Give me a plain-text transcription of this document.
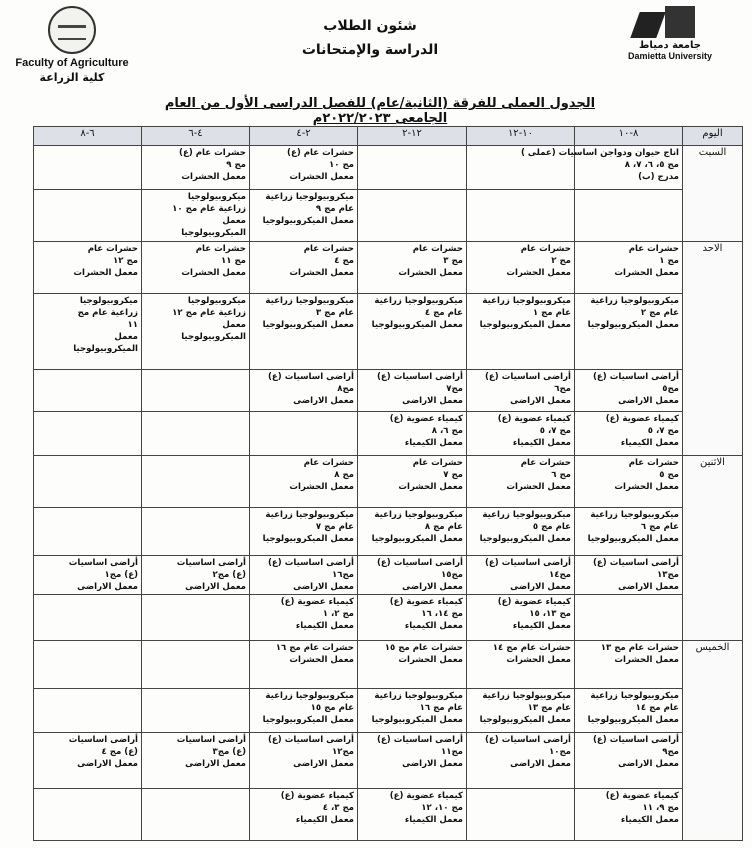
Faculty of Agriculture
كلية الزراعة
شئون الطلاب
الدراسة والإمتحانات	جامعة دمياط
Damietta University
الجدول العملى للفرقة (الثانية/عام) للفصل الدراسى الأول من العام الجامعى ٢٠٢٢/٢٠٢٣م
اليوم	٨-١٠	١٠-١٢	١٢-٢	٢-٤	٤-٦	٦-٨
السبت	اناج حيوان ودواجن اساسيات (عملى )
مج ٥، ٦، ٧، ٨
مدرج (ب)			حشرات عام (ع)
مج ١٠
معمل الحشرات	حشرات عام (ع)
مج ٩
معمل الحشرات	

				ميكروبيولوجيا زراعية
عام مج ٩
معمل الميكروبيولوجيا	ميكروبيولوجيا
زراعية عام مج ١٠
معمل
الميكروبيولوجيا	

الاحد	حشرات عام
مج ١
معمل الحشرات	حشرات عام
مج ٢
معمل الحشرات	حشرات عام
مج ٣
معمل الحشرات	حشرات عام
مج ٤
معمل الحشرات	حشرات عام
مج ١١
معمل الحشرات	حشرات عام
مج ١٢
معمل الحشرات

	ميكروبيولوجيا زراعية
عام مج ٢
معمل الميكروبيولوجيا	ميكروبيولوجيا زراعية
عام مج ١
معمل الميكروبيولوجيا	ميكروبيولوجيا زراعية
عام مج ٤
معمل الميكروبيولوجيا	ميكروبيولوجيا زراعية
عام مج ٣
معمل الميكروبيولوجيا	ميكروبيولوجيا
زراعية عام مج ١٢
معمل
الميكروبيولوجيا	ميكروبيولوجيا
زراعية عام مج
١١
معمل
الميكروبيولوجيا

	أراضى اساسيات (ع)
مج٥
معمل الاراضى	أراضى اساسيات (ع)
مج٦
معمل الاراضى	أراضى اساسيات (ع)
مج٧
معمل الاراضى	أراضى اساسيات (ع)
مج٨
معمل الاراضى		

	كيمياء عضوية (ع)
مج ٧، ٥
معمل الكيمياء	كيمياء عضوية (ع)
مج ٧، ٥
معمل الكيمياء	كيمياء عضوية (ع)
مج ٦، ٨
معمل الكيمياء			

الاثنين	حشرات عام
مج ٥
معمل الحشرات	حشرات عام
مج ٦
معمل الحشرات	حشرات عام
مج ٧
معمل الحشرات	حشرات عام
مج ٨
معمل الحشرات		

	ميكروبيولوجيا زراعية
عام مج ٦
معمل الميكروبيولوجيا	ميكروبيولوجيا زراعية
عام مج ٥
معمل الميكروبيولوجيا	ميكروبيولوجيا زراعية
عام مج ٨
معمل الميكروبيولوجيا	ميكروبيولوجيا زراعية
عام مج ٧
معمل الميكروبيولوجيا		

	أراضى اساسيات (ع)
مج١٣
معمل الاراضى	أراضى اساسيات (ع)
مج١٤
معمل الاراضى	أراضى اساسيات (ع)
مج١٥
معمل الاراضى	أراضى اساسيات (ع)
مج١٦
معمل الاراضى	أراضى اساسيات
(ع) مج٢
معمل الاراضى	أراضى اساسيات
(ع) مج١
معمل الاراضى

		كيمياء عضوية (ع)
مج ١٣، ١٥
معمل الكيمياء	كيمياء عضوية (ع)
مج ١٤، ١٦
معمل الكيمياء	كيمياء عضوية (ع)
مج ٢، ١
معمل الكيمياء		

الخميس	حشرات عام مج ١٣
معمل الحشرات	حشرات عام مج ١٤
معمل الحشرات	حشرات عام مج ١٥
معمل الحشرات	حشرات عام مج ١٦
معمل الحشرات		

	ميكروبيولوجيا زراعية
عام مج ١٤
معمل الميكروبيولوجيا	ميكروبيولوجيا زراعية
عام مج ١٣
معمل الميكروبيولوجيا	ميكروبيولوجيا زراعية
عام مج ١٦
معمل الميكروبيولوجيا	ميكروبيولوجيا زراعية
عام مج ١٥
معمل الميكروبيولوجيا		

	أراضى اساسيات (ع)
مج٩
معمل الاراضى	أراضى اساسيات (ع)
مج١٠
معمل الاراضى	أراضى اساسيات (ع)
مج١١
معمل الاراضى	أراضى اساسيات (ع)
مج١٢
معمل الاراضى	أراضى اساسيات
(ع) مج٣
معمل الاراضى	أراضى اساسيات
(ع) مج ٤
معمل الاراضى

	كيمياء عضوية (ع)
مج ٩، ١١
معمل الكيمياء		كيمياء عضوية (ع)
مج ١٠، ١٢
معمل الكيمياء	كيمياء عضوية (ع)
مج ٣، ٤
معمل الكيمياء		
